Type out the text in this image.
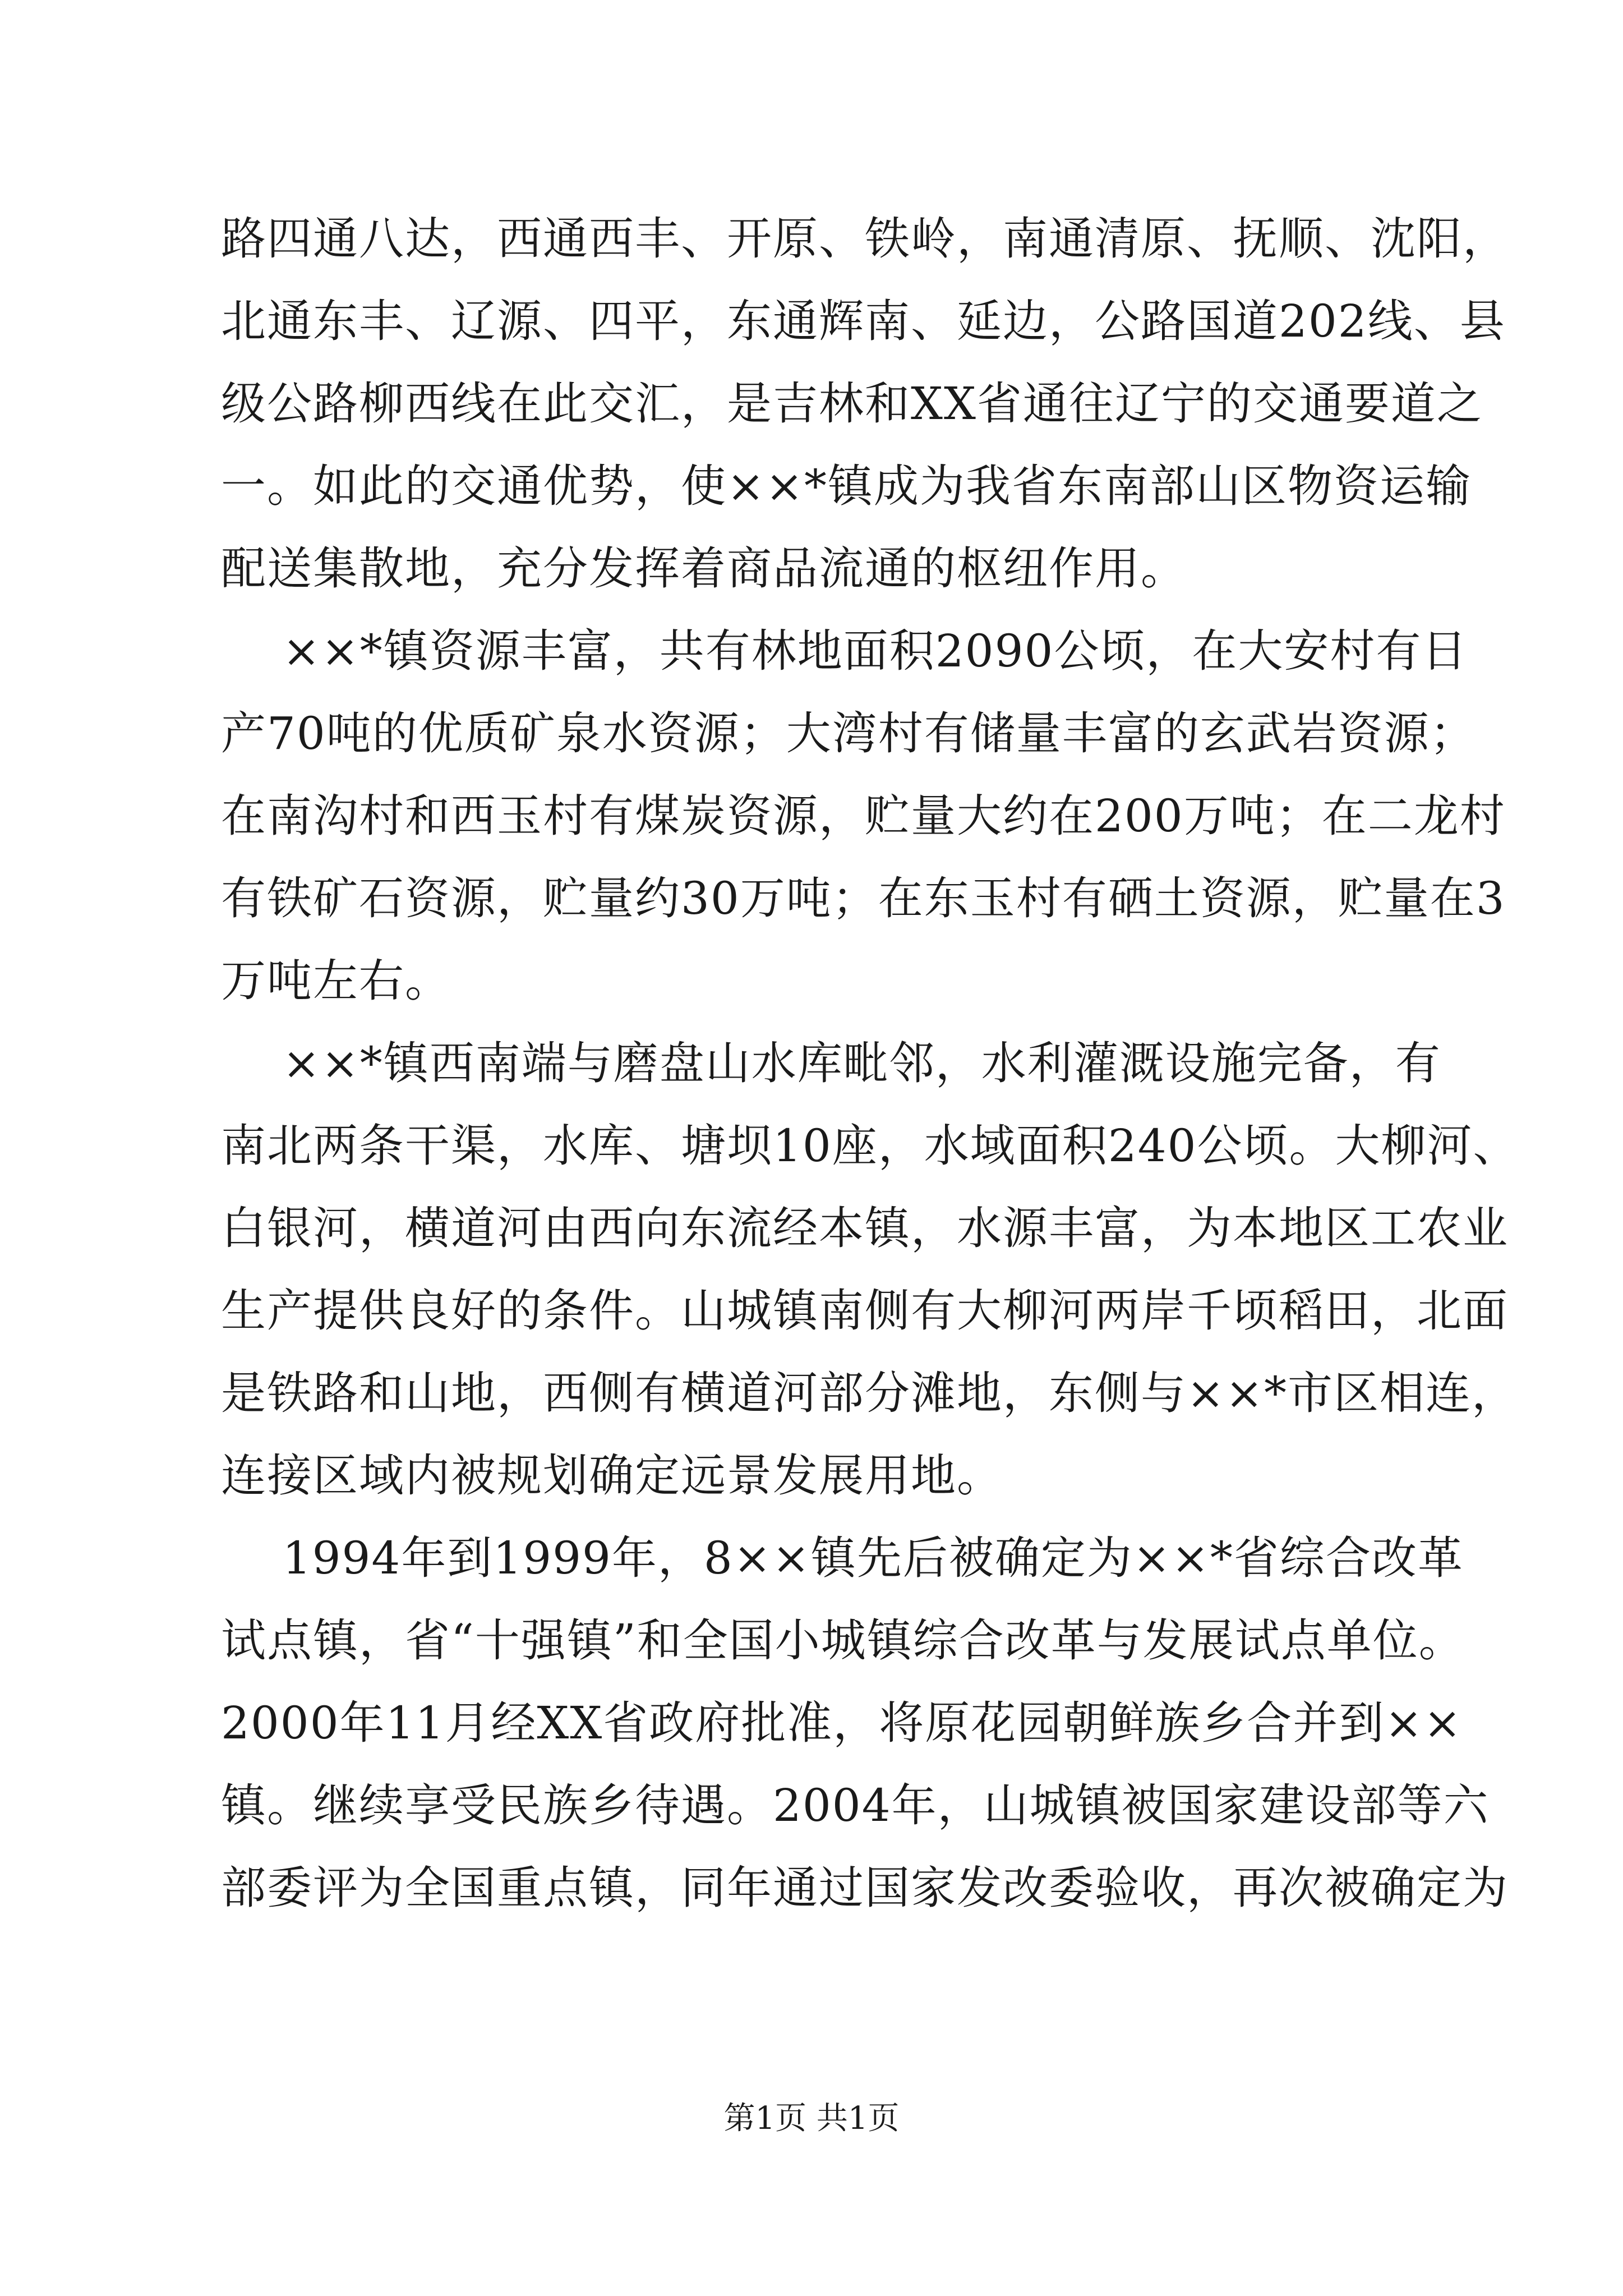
路四通八达，西通西丰、开原、铁岭，南通清原、抚顺、沈阳，
北通东丰、辽源、四平，东通辉南、延边，公路国道202线、县
级公路柳西线在此交汇，是吉林和XX省通往辽宁的交通要道之
一。如此的交通优势，使××*镇成为我省东南部山区物资运输
配送集散地，充分发挥着商品流通的枢纽作用。
××*镇资源丰富，共有林地面积2090公顷，在大安村有日
产70吨的优质矿泉水资源；大湾村有储量丰富的玄武岩资源；
在南沟村和西玉村有煤炭资源，贮量大约在200万吨；在二龙村
有铁矿石资源，贮量约30万吨；在东玉村有硒土资源，贮量在3
万吨左右。
××*镇西南端与磨盘山水库毗邻，水利灌溉设施完备，有
南北两条干渠，水库、塘坝10座，水域面积240公顷。大柳河、
白银河，横道河由西向东流经本镇，水源丰富，为本地区工农业
生产提供良好的条件。山城镇南侧有大柳河两岸千顷稻田，北面
是铁路和山地，西侧有横道河部分滩地，东侧与××*市区相连，
连接区域内被规划确定远景发展用地。
1994年到1999年，8××镇先后被确定为××*省综合改革
试点镇，省“十强镇”和全国小城镇综合改革与发展试点单位。
2000年11月经XX省政府批准，将原花园朝鲜族乡合并到××
镇。继续享受民族乡待遇。2004年，山城镇被国家建设部等六
部委评为全国重点镇，同年通过国家发改委验收，再次被确定为
第1页 共1页
